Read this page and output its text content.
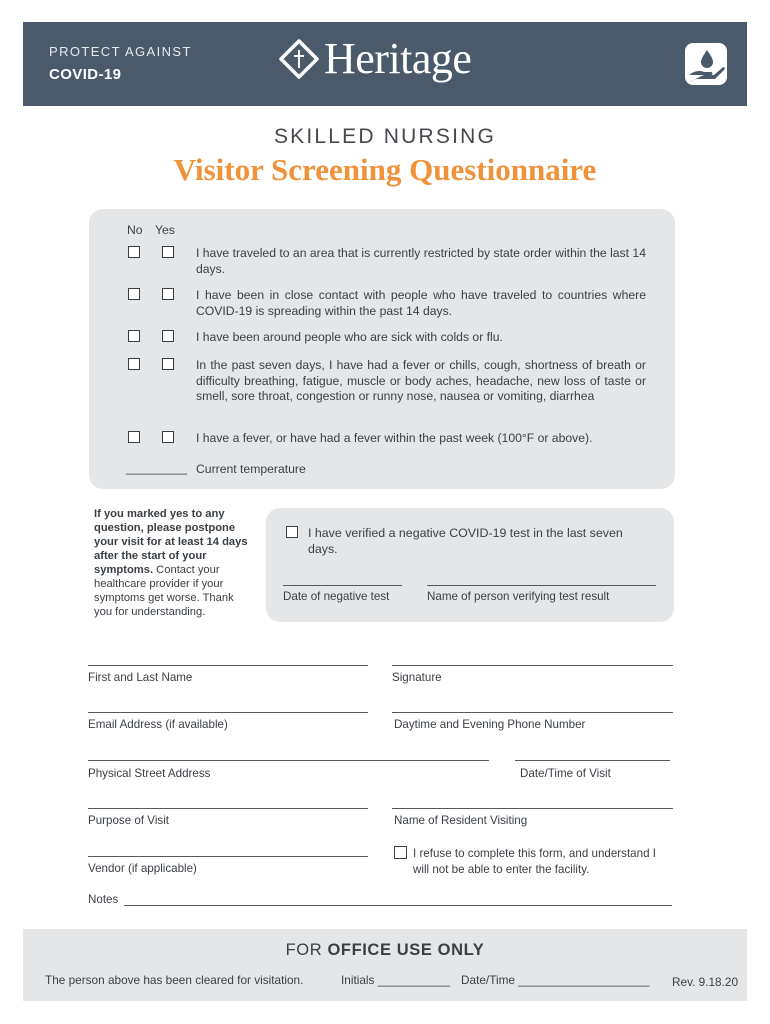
PROTECT AGAINST
COVID-19	Heritage
SKILLED NURSING
Visitor Screening Questionnaire
No Yes
I have traveled to an area that is currently restricted by state order within the last 14 days.
I have been in close contact with people who have traveled to countries where COVID-19 is spreading within the past 14 days.
I have been around people who are sick with colds or flu.
In the past seven days, I have had a fever or chills, cough, shortness of breath or difficulty breathing, fatigue, muscle or body aches, headache, new loss of taste or smell, sore throat, congestion or runny nose, nausea or vomiting, diarrhea
I have a fever, or have had a fever within the past week (100°F or above).
_________ Current temperature
If you marked yes to any question, please postpone your visit for at least 14 days after the start of your symptoms. Contact your healthcare provider if your symptoms get worse. Thank you for understanding.
I have verified a negative COVID-19 test in the last seven days.
Date of negative test	Name of person verifying test result
First and Last Name	Signature
Email Address (if available)	Daytime and Evening Phone Number
Physical Street Address	Date/Time of Visit
Purpose of Visit	Name of Resident Visiting
Vendor (if applicable)
I refuse to complete this form, and understand I will not be able to enter the facility.
Notes
FOR OFFICE USE ONLY
The person above has been cleared for visitation.	Initials ___________ Date/Time ____________________ Rev. 9.18.20
